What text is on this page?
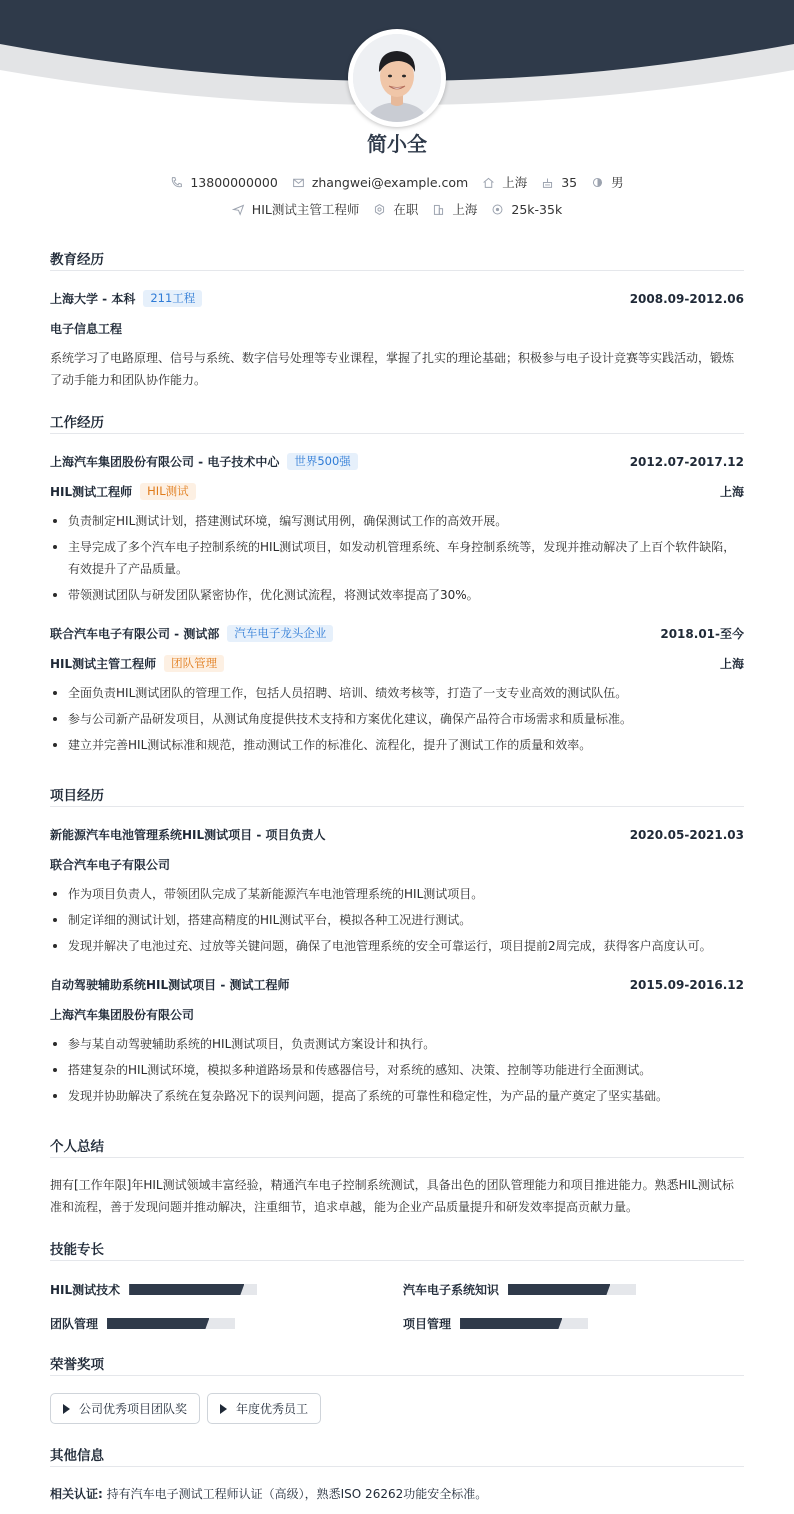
简小全
13800000000	zhangwei@example.com	上海	35	男
HIL测试主管工程师	在职	上海	25k-35k
教育经历
上海大学 - 本科	211工程	2008.09-2012.06
电子信息工程
系统学习了电路原理、信号与系统、数字信号处理等专业课程，掌握了扎实的理论基础；积极参与电子设计竞赛等实践活动，锻炼了动手能力和团队协作能力。
工作经历
上海汽车集团股份有限公司 - 电子技术中心	世界500强	2012.07-2017.12
HIL测试工程师	HIL测试	上海
负责制定HIL测试计划，搭建测试环境，编写测试用例，确保测试工作的高效开展。
主导完成了多个汽车电子控制系统的HIL测试项目，如发动机管理系统、车身控制系统等，发现并推动解决了上百个软件缺陷，有效提升了产品质量。
带领测试团队与研发团队紧密协作，优化测试流程，将测试效率提高了30%。
联合汽车电子有限公司 - 测试部	汽车电子龙头企业	2018.01-至今
HIL测试主管工程师	团队管理	上海
全面负责HIL测试团队的管理工作，包括人员招聘、培训、绩效考核等，打造了一支专业高效的测试队伍。
参与公司新产品研发项目，从测试角度提供技术支持和方案优化建议，确保产品符合市场需求和质量标准。
建立并完善HIL测试标准和规范，推动测试工作的标准化、流程化，提升了测试工作的质量和效率。
项目经历
新能源汽车电池管理系统HIL测试项目 - 项目负责人	2020.05-2021.03
联合汽车电子有限公司
作为项目负责人，带领团队完成了某新能源汽车电池管理系统的HIL测试项目。
制定详细的测试计划，搭建高精度的HIL测试平台，模拟各种工况进行测试。
发现并解决了电池过充、过放等关键问题，确保了电池管理系统的安全可靠运行，项目提前2周完成，获得客户高度认可。
自动驾驶辅助系统HIL测试项目 - 测试工程师	2015.09-2016.12
上海汽车集团股份有限公司
参与某自动驾驶辅助系统的HIL测试项目，负责测试方案设计和执行。
搭建复杂的HIL测试环境，模拟多种道路场景和传感器信号，对系统的感知、决策、控制等功能进行全面测试。
发现并协助解决了系统在复杂路况下的误判问题，提高了系统的可靠性和稳定性，为产品的量产奠定了坚实基础。
个人总结
拥有[工作年限]年HIL测试领域丰富经验，精通汽车电子控制系统测试，具备出色的团队管理能力和项目推进能力。熟悉HIL测试标准和流程，善于发现问题并推动解决，注重细节，追求卓越，能为企业产品质量提升和研发效率提高贡献力量。
技能专长
HIL测试技术	汽车电子系统知识
团队管理	项目管理
荣誉奖项
公司优秀项目团队奖	年度优秀员工
其他信息
相关认证: 持有汽车电子测试工程师认证（高级），熟悉ISO 26262功能安全标准。
